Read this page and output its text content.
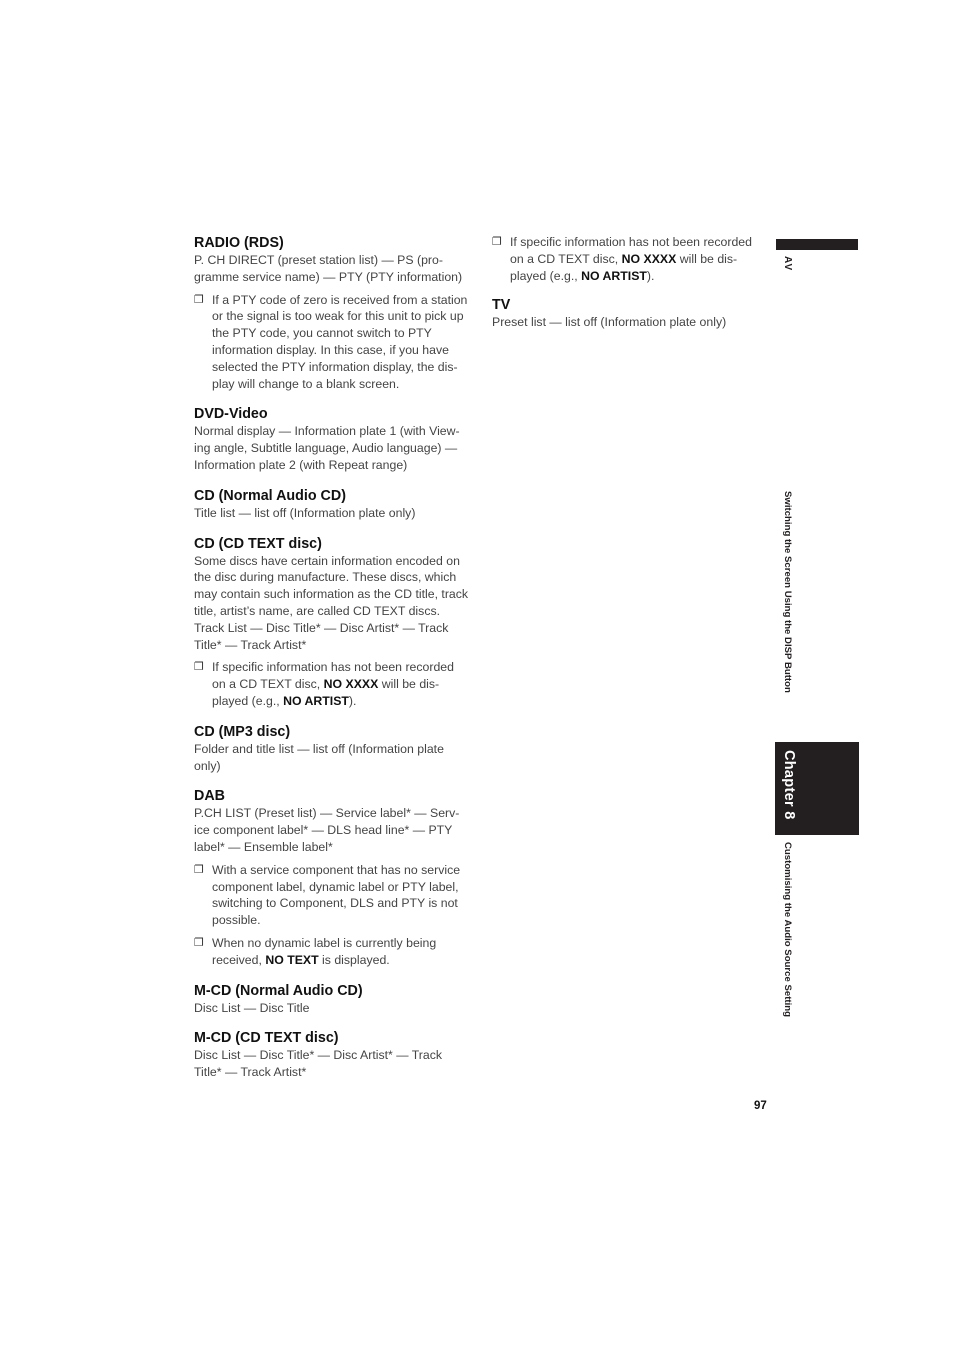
RADIO (RDS)

P. CH DIRECT (preset station list) — PS (pro-gramme service name) — PTY (PTY information)

❐ If a PTY code of zero is received from a station or the signal is too weak for this unit to pick up the PTY code, you cannot switch to PTY information display. In this case, if you have selected the PTY information display, the dis-play will change to a blank screen.
DVD-Video

Normal display — Information plate 1 (with View-ing angle, Subtitle language, Audio language) — Information plate 2 (with Repeat range)

CD (Normal Audio CD)

Title list — list off (Information plate only)

CD (CD TEXT disc)

Some discs have certain information encoded on the disc during manufacture. These discs, which may contain such information as the CD title, track title, artist’s name, are called CD TEXT discs.

Track List — Disc Title* — Disc Artist* — Track Title* — Track Artist*

❐ If specific information has not been recorded on a CD TEXT disc, NO XXXX will be dis-played (e.g., NO ARTIST).
CD (MP3 disc)

Folder and title list — list off (Information plate only)

DAB

P.CH LIST (Preset list) — Service label* — Serv-ice component label* — DLS head line* — PTY label* — Ensemble label*

❐ With a service component that has no service component label, dynamic label or PTY label, switching to Component, DLS and PTY is not possible.
❐ When no dynamic label is currently being received, NO TEXT is displayed.
M-CD (Normal Audio CD)

Disc List — Disc Title

M-CD (CD TEXT disc)

Disc List — Disc Title* — Disc Artist* — Track Title* — Track Artist*

❐ If specific information has not been recorded on a CD TEXT disc, NO XXXX will be dis-played (e.g., NO ARTIST).
TV

Preset list — list off (Information plate only)

AV
Switching the Screen Using the DISP Button
Chapter 8
Customising the Audio Source Setting
97
